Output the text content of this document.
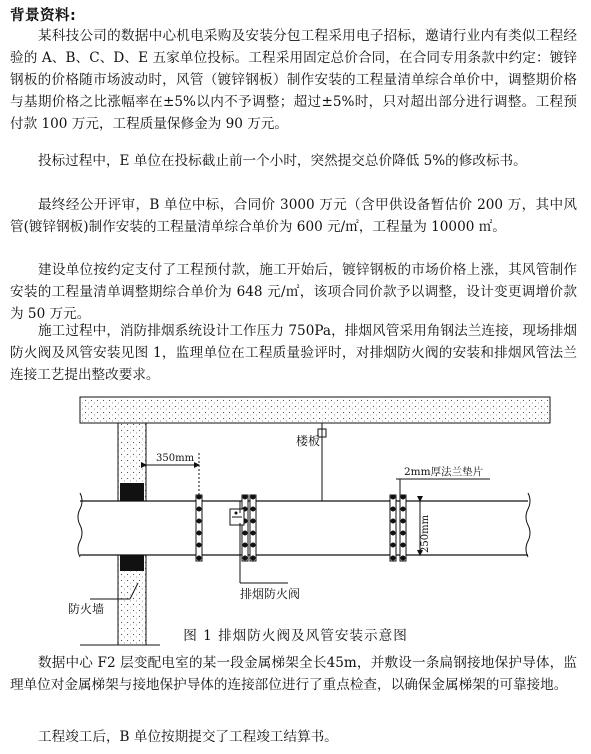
背景资料:

某科技公司的数据中心机电采购及安装分包工程采用电子招标，邀请行业内有类似工程经验的 A、B、C、D、E 五家单位投标。工程采用固定总价合同，在合同专用条款中约定：镀锌钢板的价格随市场波动时，风管（镀锌钢板）制作安装的工程量清单综合单价中，调整期价格与基期价格之比涨幅率在±5%以内不予调整；超过±5%时，只对超出部分进行调整。工程预付款 100 万元，工程质量保修金为 90 万元。

投标过程中，E 单位在投标截止前一个小时，突然提交总价降低 5%的修改标书。

最终经公开评审，B 单位中标，合同价 3000 万元（含甲供设备暂估价 200 万，其中风管(镀锌钢板)制作安装的工程量清单综合单价为 600 元/㎡，工程量为 10000 ㎡。

建设单位按约定支付了工程预付款，施工开始后，镀锌钢板的市场价格上涨，其风管制作安装的工程量清单调整期综合单价为 648 元/㎡，该项合同价款予以调整，设计变更调增价款为 50 万元。

施工过程中，消防排烟系统设计工作压力 750Pa，排烟风管采用角钢法兰连接，现场排烟防火阀及风管安装见图 1，监理单位在工程质量验评时，对排烟防火阀的安装和排烟风管法兰连接工艺提出整改要求。

350mm
250mm
楼板
2mm厚法兰垫片
排烟防火阀
防火墙
图 1 排烟防火阀及风管安装示意图

数据中心 F2 层变配电室的某一段金属梯架全长45m，并敷设一条扁钢接地保护导体，监理单位对金属梯架与接地保护导体的连接部位进行了重点检查，以确保金属梯架的可靠接地。

工程竣工后，B 单位按期提交了工程竣工结算书。
